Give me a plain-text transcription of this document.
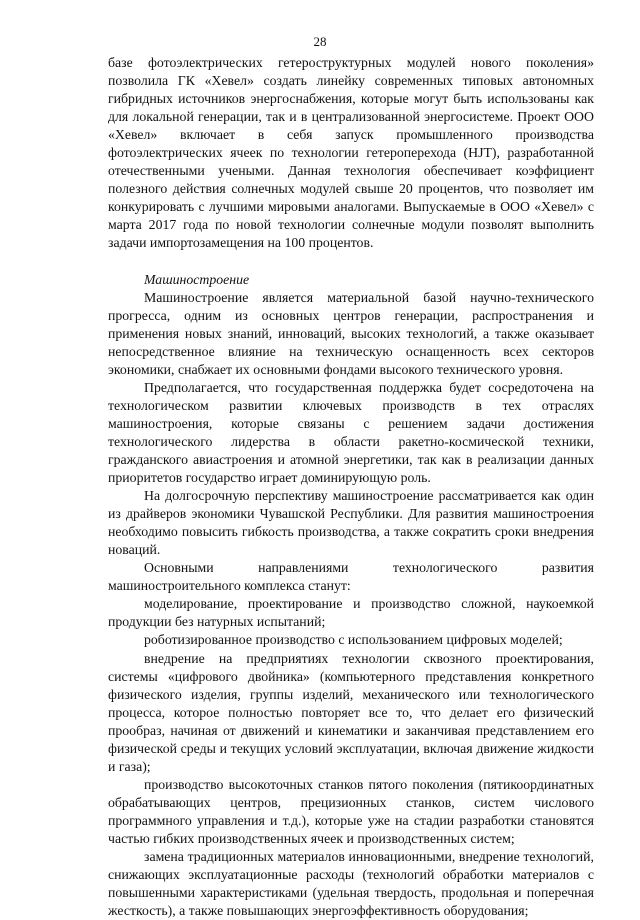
28

базе фотоэлектрических гетероструктурных модулей нового поколения» позволила ГК «Хевел» создать линейку современных типовых автономных гибридных источников энергоснабжения, которые могут быть использованы как для локальной генерации, так и в централизованной энергосистеме. Проект ООО «Хевел» включает в себя запуск промышленного производства фотоэлектрических ячеек по технологии гетероперехода (HJT), разработанной отечественными учеными. Данная технология обеспечивает коэффициент полезного действия солнечных модулей свыше 20 процентов, что позволяет им конкурировать с лучшими мировыми аналогами. Выпускаемые в ООО «Хевел» с марта 2017 года по новой технологии солнечные модули позволят выполнить задачи импортозамещения на 100 процентов.

Машиностроение

Машиностроение является материальной базой научно-технического прогресса, одним из основных центров генерации, распространения и применения новых знаний, инноваций, высоких технологий, а также оказывает непосредственное влияние на техническую оснащенность всех секторов экономики, снабжает их основными фондами высокого технического уровня.

Предполагается, что государственная поддержка будет сосредоточена на технологическом развитии ключевых производств в тех отраслях машиностроения, которые связаны с решением задачи достижения технологического лидерства в области ракетно-космической техники, гражданского авиастроения и атомной энергетики, так как в реализации данных приоритетов государство играет доминирующую роль.

На долгосрочную перспективу машиностроение рассматривается как один из драйверов экономики Чувашской Республики. Для развития машиностроения необходимо повысить гибкость производства, а также сократить сроки внедрения новаций.

Основными направлениями технологического развития машиностроительного комплекса станут:

моделирование, проектирование и производство сложной, наукоемкой продукции без натурных испытаний;

роботизированное производство с использованием цифровых моделей;

внедрение на предприятиях технологии сквозного проектирования, системы «цифрового двойника» (компьютерного представления конкретного физического изделия, группы изделий, механического или технологического процесса, которое полностью повторяет все то, что делает его физический прообраз, начиная от движений и кинематики и заканчивая представлением его физической среды и текущих условий эксплуатации, включая движение жидкости и газа);

производство высокоточных станков пятого поколения (пятикоординатных обрабатывающих центров, прецизионных станков, систем числового программного управления и т.д.), которые уже на стадии разработки становятся частью гибких производственных ячеек и производственных систем;

замена традиционных материалов инновационными, внедрение технологий, снижающих эксплуатационные расходы (технологий обработки материалов с повышенными характеристиками (удельная твердость, продольная и поперечная жесткость), а также повышающих энергоэффективность оборудования;
